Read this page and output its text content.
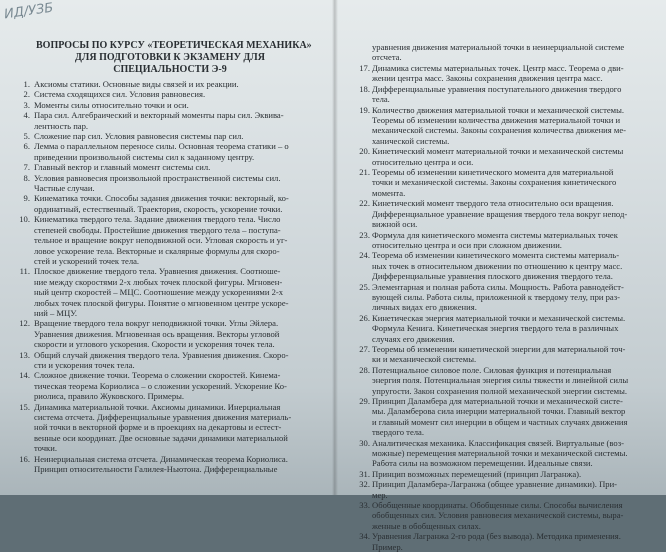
ИД/УЗБ
ВОПРОСЫ ПО КУРСУ «ТЕОРЕТИЧЕСКАЯ МЕХАНИКА»
ДЛЯ ПОДГОТОВКИ К ЭКЗАМЕНУ ДЛЯ
СПЕЦИАЛЬНОСТИ Э-9
1. Аксиомы статики. Основные виды связей и их реакции.
2. Система сходящихся сил. Условия равновесия.
3. Моменты силы относительно точки и оси.
4. Пара сил. Алгебраический и векторный моменты пары сил. Эквива-
лентность пар.
5. Сложение пар сил. Условия равновесия системы пар сил.
6. Лемма о параллельном переносе силы. Основная теорема статики – о
приведении произвольной системы сил к заданному центру.
7. Главный вектор и главный момент системы сил.
8. Условия равновесия произвольной пространственной системы сил.
Частные случаи.
9. Кинематика точки. Способы задания движения точки: векторный, ко-
ординатный, естественный. Траектория, скорость, ускорение точки.
10. Кинематика твердого тела. Задание движения твердого тела. Число
степеней свободы. Простейшие движения твердого тела – поступа-
тельное и вращение вокруг неподвижной оси. Угловая скорость и уг-
ловое ускорение тела. Векторные и скалярные формулы для скоро-
стей и ускорений точек тела.
11. Плоское движение твердого тела. Уравнения движения. Соотноше-
ние между скоростями 2-х любых точек плоской фигуры. Мгновен-
ный центр скоростей – МЦС. Соотношение между ускорениями 2-х
любых точек плоской фигуры. Понятие о мгновенном центре ускоре-
ний – МЦУ.
12. Вращение твердого тела вокруг неподвижной точки. Углы Эйлера.
Уравнения движения. Мгновенная ось вращения. Векторы угловой
скорости и углового ускорения. Скорости и ускорения точек тела.
13. Общий случай движения твердого тела. Уравнения движения. Скоро-
сти и ускорения точек тела.
14. Сложное движение точки. Теорема о сложении скоростей. Кинема-
тическая теорема Кориолиса – о сложении ускорений. Ускорение Ко-
риолиса, правило Жуковского. Примеры.
15. Динамика материальной точки. Аксиомы динамики. Инерциальная
система отсчета. Дифференциальные уравнения движения материаль-
ной точки в векторной форме и в проекциях на декартовы и естест-
венные оси координат. Две основные задачи динамики материальной
точки.
16. Неинерциальная система отсчета. Динамическая теорема Кориолиса.
Принцип относительности Галилея-Ньютона. Дифференциальные
уравнения движения материальной точки в неинерциальной системе
отсчета.
17. Динамика системы материальных точек. Центр масс. Теорема о дви-
жении центра масс. Законы сохранения движения центра масс.
18. Дифференциальные уравнения поступательного движения твердого
тела.
19. Количество движения материальной точки и механической системы.
Теоремы об изменении количества движения материальной точки и
механической системы. Законы сохранения количества движения ме-
ханической системы.
20. Кинетический момент материальной точки и механической системы
относительно центра и оси.
21. Теоремы об изменении кинетического момента для материальной
точки и механической системы. Законы сохранения кинетического
момента.
22. Кинетический момент твердого тела относительно оси вращения.
Дифференциальное уравнение вращения твердого тела вокруг непод-
вижной оси.
23. Формула для кинетического момента системы материальных точек
относительно центра и оси при сложном движении.
24. Теорема об изменении кинетического момента системы материаль-
ных точек в относительном движении по отношению к центру масс.
Дифференциальные уравнения плоского движения твердого тела.
25. Элементарная и полная работа силы. Мощность. Работа равнодейст-
вующей силы. Работа силы, приложенной к твердому телу, при раз-
личных видах его движения.
26. Кинетическая энергия материальной точки и механической системы.
Формула Кенига. Кинетическая энергия твердого тела в различных
случаях его движения.
27. Теоремы об изменении кинетической энергии для материальной точ-
ки и механической системы.
28. Потенциальное силовое поле. Силовая функция и потенциальная
энергия поля. Потенциальная энергия силы тяжести и линейной силы
упругости. Закон сохранения полной механической энергии системы.
29. Принцип Даламбера для материальной точки и механической систе-
мы. Даламберова сила инерции материальной точки. Главный вектор
и главный момент сил инерции в общем и частных случаях движения
твердого тела.
30. Аналитическая механика. Классификация связей. Виртуальные (воз-
можные) перемещения материальной точки и механической системы.
Работа силы на возможном перемещении. Идеальные связи.
31. Принцип возможных перемещений (принцип Лагранжа).
32. Принцип Даламбера-Лагранжа (общее уравнение динамики). При-
мер.
33. Обобщенные координаты. Обобщенные силы. Способы вычисления
обобщенных сил. Условия равновесия механической системы, выра-
женные в обобщенных силах.
34. Уравнения Лагранжа 2-го рода (без вывода). Методика применения.
Пример.
